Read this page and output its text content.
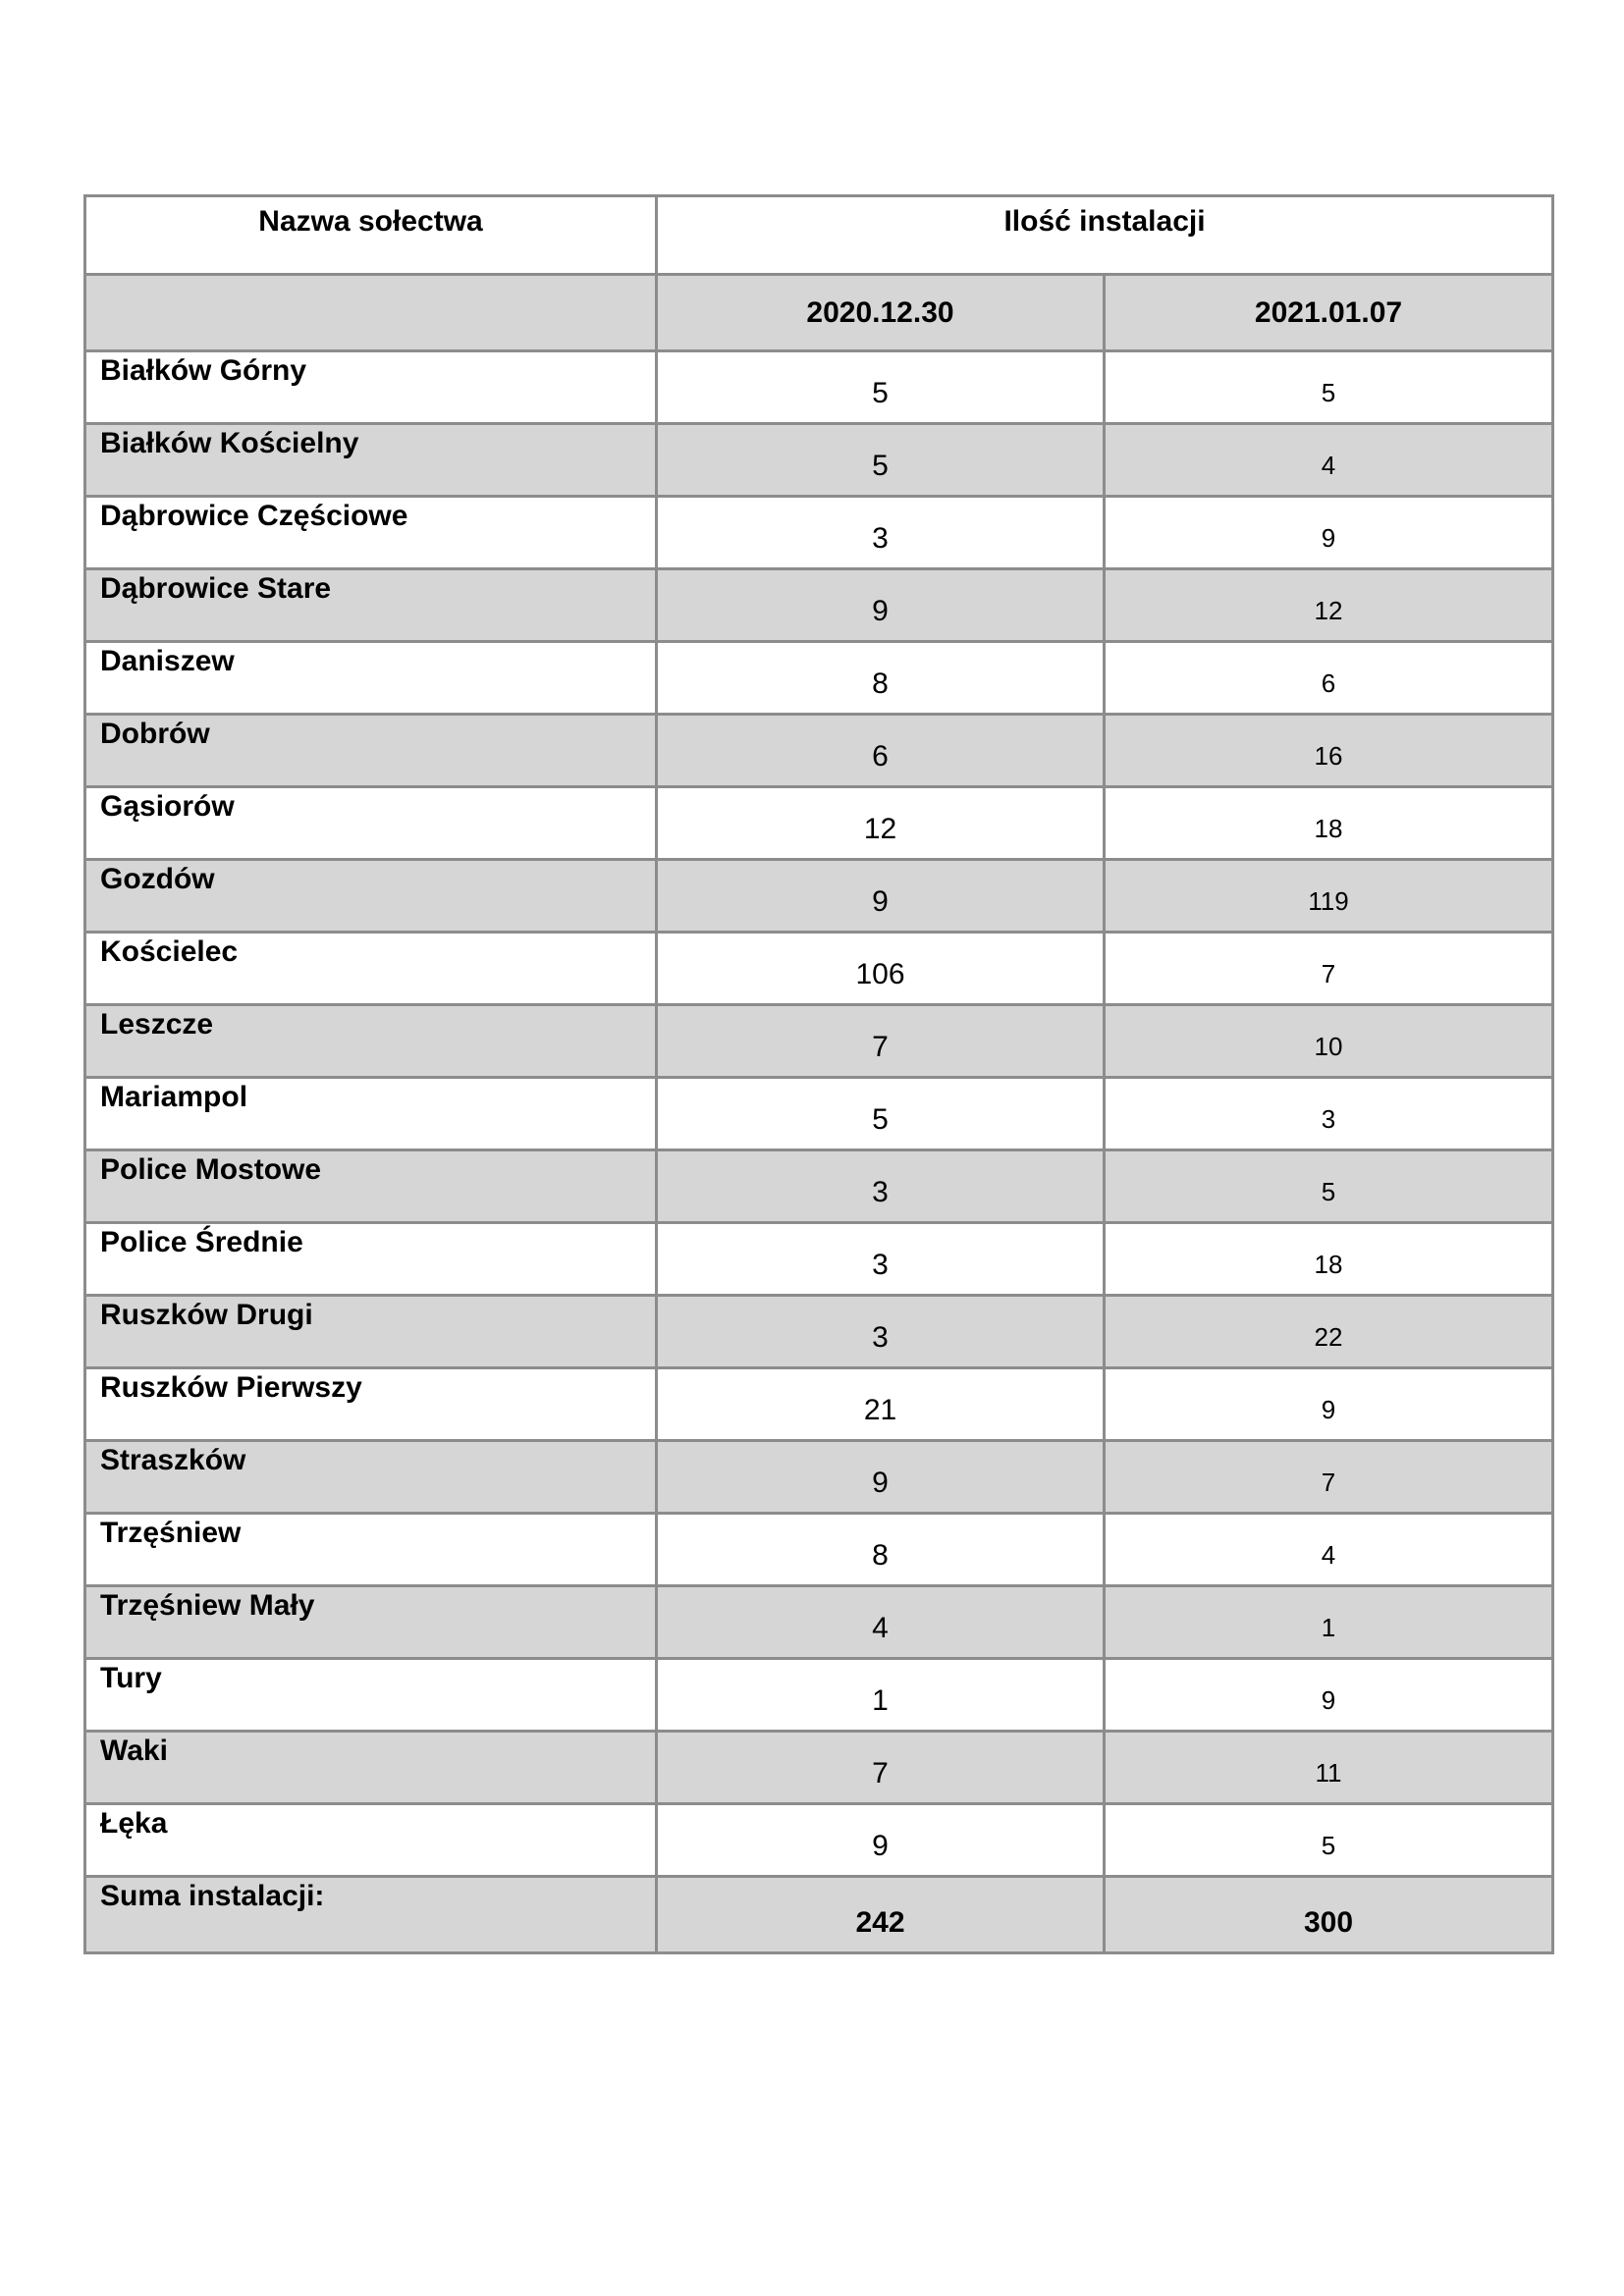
Nazwa sołectwa	Ilość instalacji	
	2020.12.30	2021.01.07
Białków Górny	5	5
Białków Kościelny	5	4
Dąbrowice Częściowe	3	9
Dąbrowice Stare	9	12
Daniszew	8	6
Dobrów	6	16
Gąsiorów	12	18
Gozdów	9	119
Kościelec	106	7
Leszcze	7	10
Mariampol	5	3
Police Mostowe	3	5
Police Średnie	3	18
Ruszków Drugi	3	22
Ruszków Pierwszy	21	9
Straszków	9	7
Trzęśniew	8	4
Trzęśniew Mały	4	1
Tury	1	9
Waki	7	11
Łęka	9	5
Suma instalacji:	242	300
